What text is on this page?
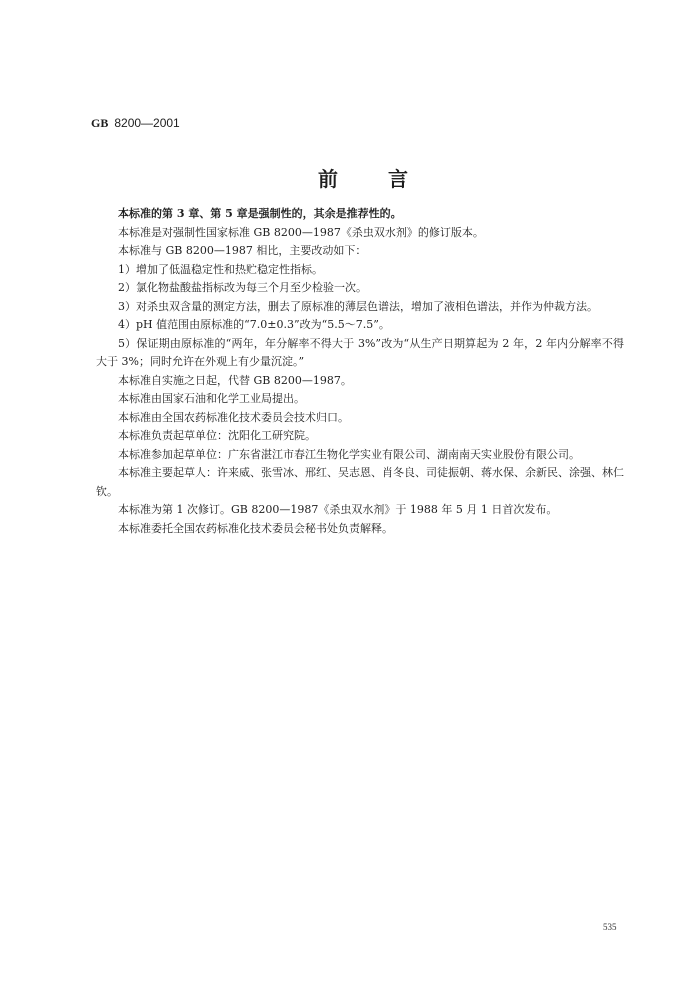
GB 8200—2001
前言

本标准的第 3 章、第 5 章是强制性的，其余是推荐性的。

本标准是对强制性国家标准 GB 8200—1987《杀虫双水剂》的修订版本。

本标准与 GB 8200—1987 相比，主要改动如下：

1）增加了低温稳定性和热贮稳定性指标。

2）氯化物盐酸盐指标改为每三个月至少检验一次。

3）对杀虫双含量的测定方法，删去了原标准的薄层色谱法，增加了液相色谱法，并作为仲裁方法。

4）pH 值范围由原标准的“7.0±0.3”改为“5.5～7.5”。

5）保证期由原标准的“两年，年分解率不得大于 3%”改为“从生产日期算起为 2 年，2 年内分解率不得大于 3%；同时允许在外观上有少量沉淀。”

本标准自实施之日起，代替 GB 8200—1987。

本标准由国家石油和化学工业局提出。

本标准由全国农药标准化技术委员会技术归口。

本标准负责起草单位：沈阳化工研究院。

本标准参加起草单位：广东省湛江市春江生物化学实业有限公司、湖南南天实业股份有限公司。

本标准主要起草人：许来威、张雪冰、邢红、吴志恩、肖冬良、司徒振朝、蒋水保、余新民、涂强、林仁钦。

本标准为第 1 次修订。GB 8200—1987《杀虫双水剂》于 1988 年 5 月 1 日首次发布。

本标准委托全国农药标准化技术委员会秘书处负责解释。

535
